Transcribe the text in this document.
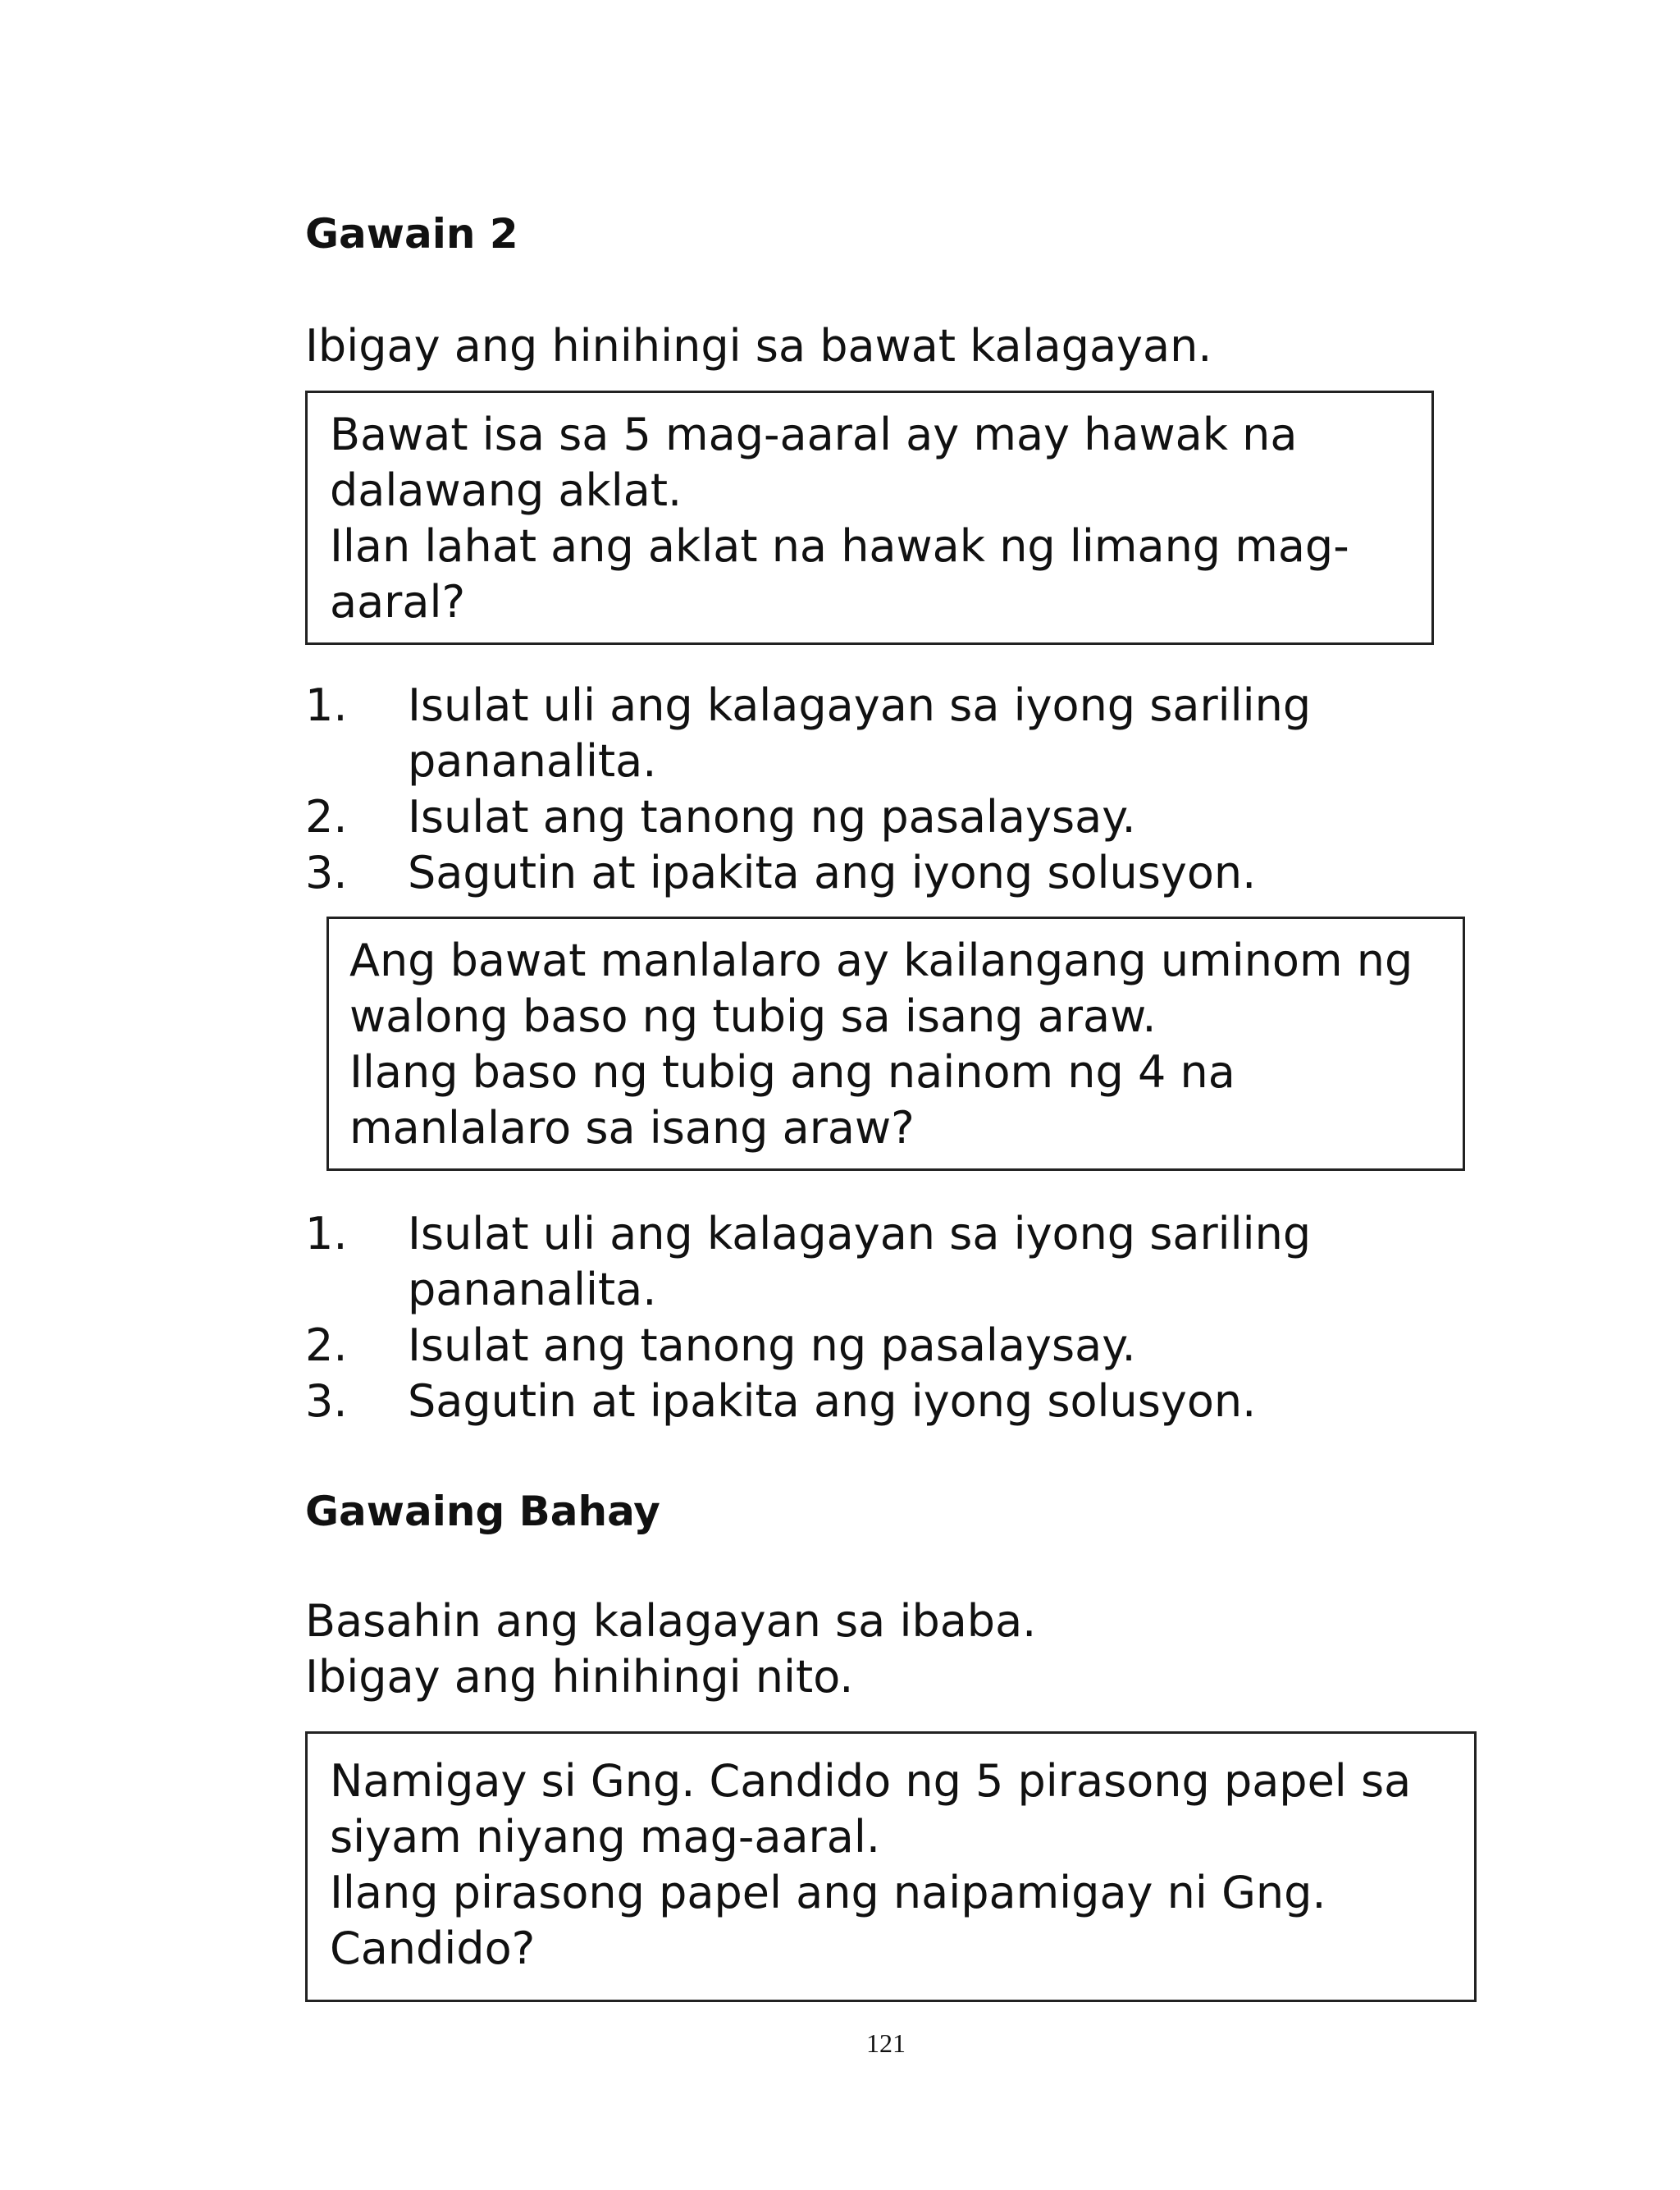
Gawain 2
Ibigay ang hinihingi sa bawat kalagayan.
Bawat isa sa 5 mag-aaral ay may hawak na
dalawang aklat.
Ilan lahat ang aklat na hawak ng limang mag-
aaral?
1. Isulat uli ang kalagayan sa iyong sariling
pananalita.
2. Isulat ang tanong ng pasalaysay.
3. Sagutin at ipakita ang iyong solusyon.
Ang bawat manlalaro ay kailangang uminom ng
walong baso ng tubig sa isang araw.
Ilang baso ng tubig ang nainom ng 4 na
manlalaro sa isang araw?
1. Isulat uli ang kalagayan sa iyong sariling
pananalita.
2. Isulat ang tanong ng pasalaysay.
3. Sagutin at ipakita ang iyong solusyon.
Gawaing Bahay
Basahin ang kalagayan sa ibaba.
Ibigay ang hinihingi nito.
Namigay si Gng. Candido ng 5 pirasong papel sa
siyam niyang mag-aaral.
Ilang pirasong papel ang naipamigay ni Gng.
Candido?
121
